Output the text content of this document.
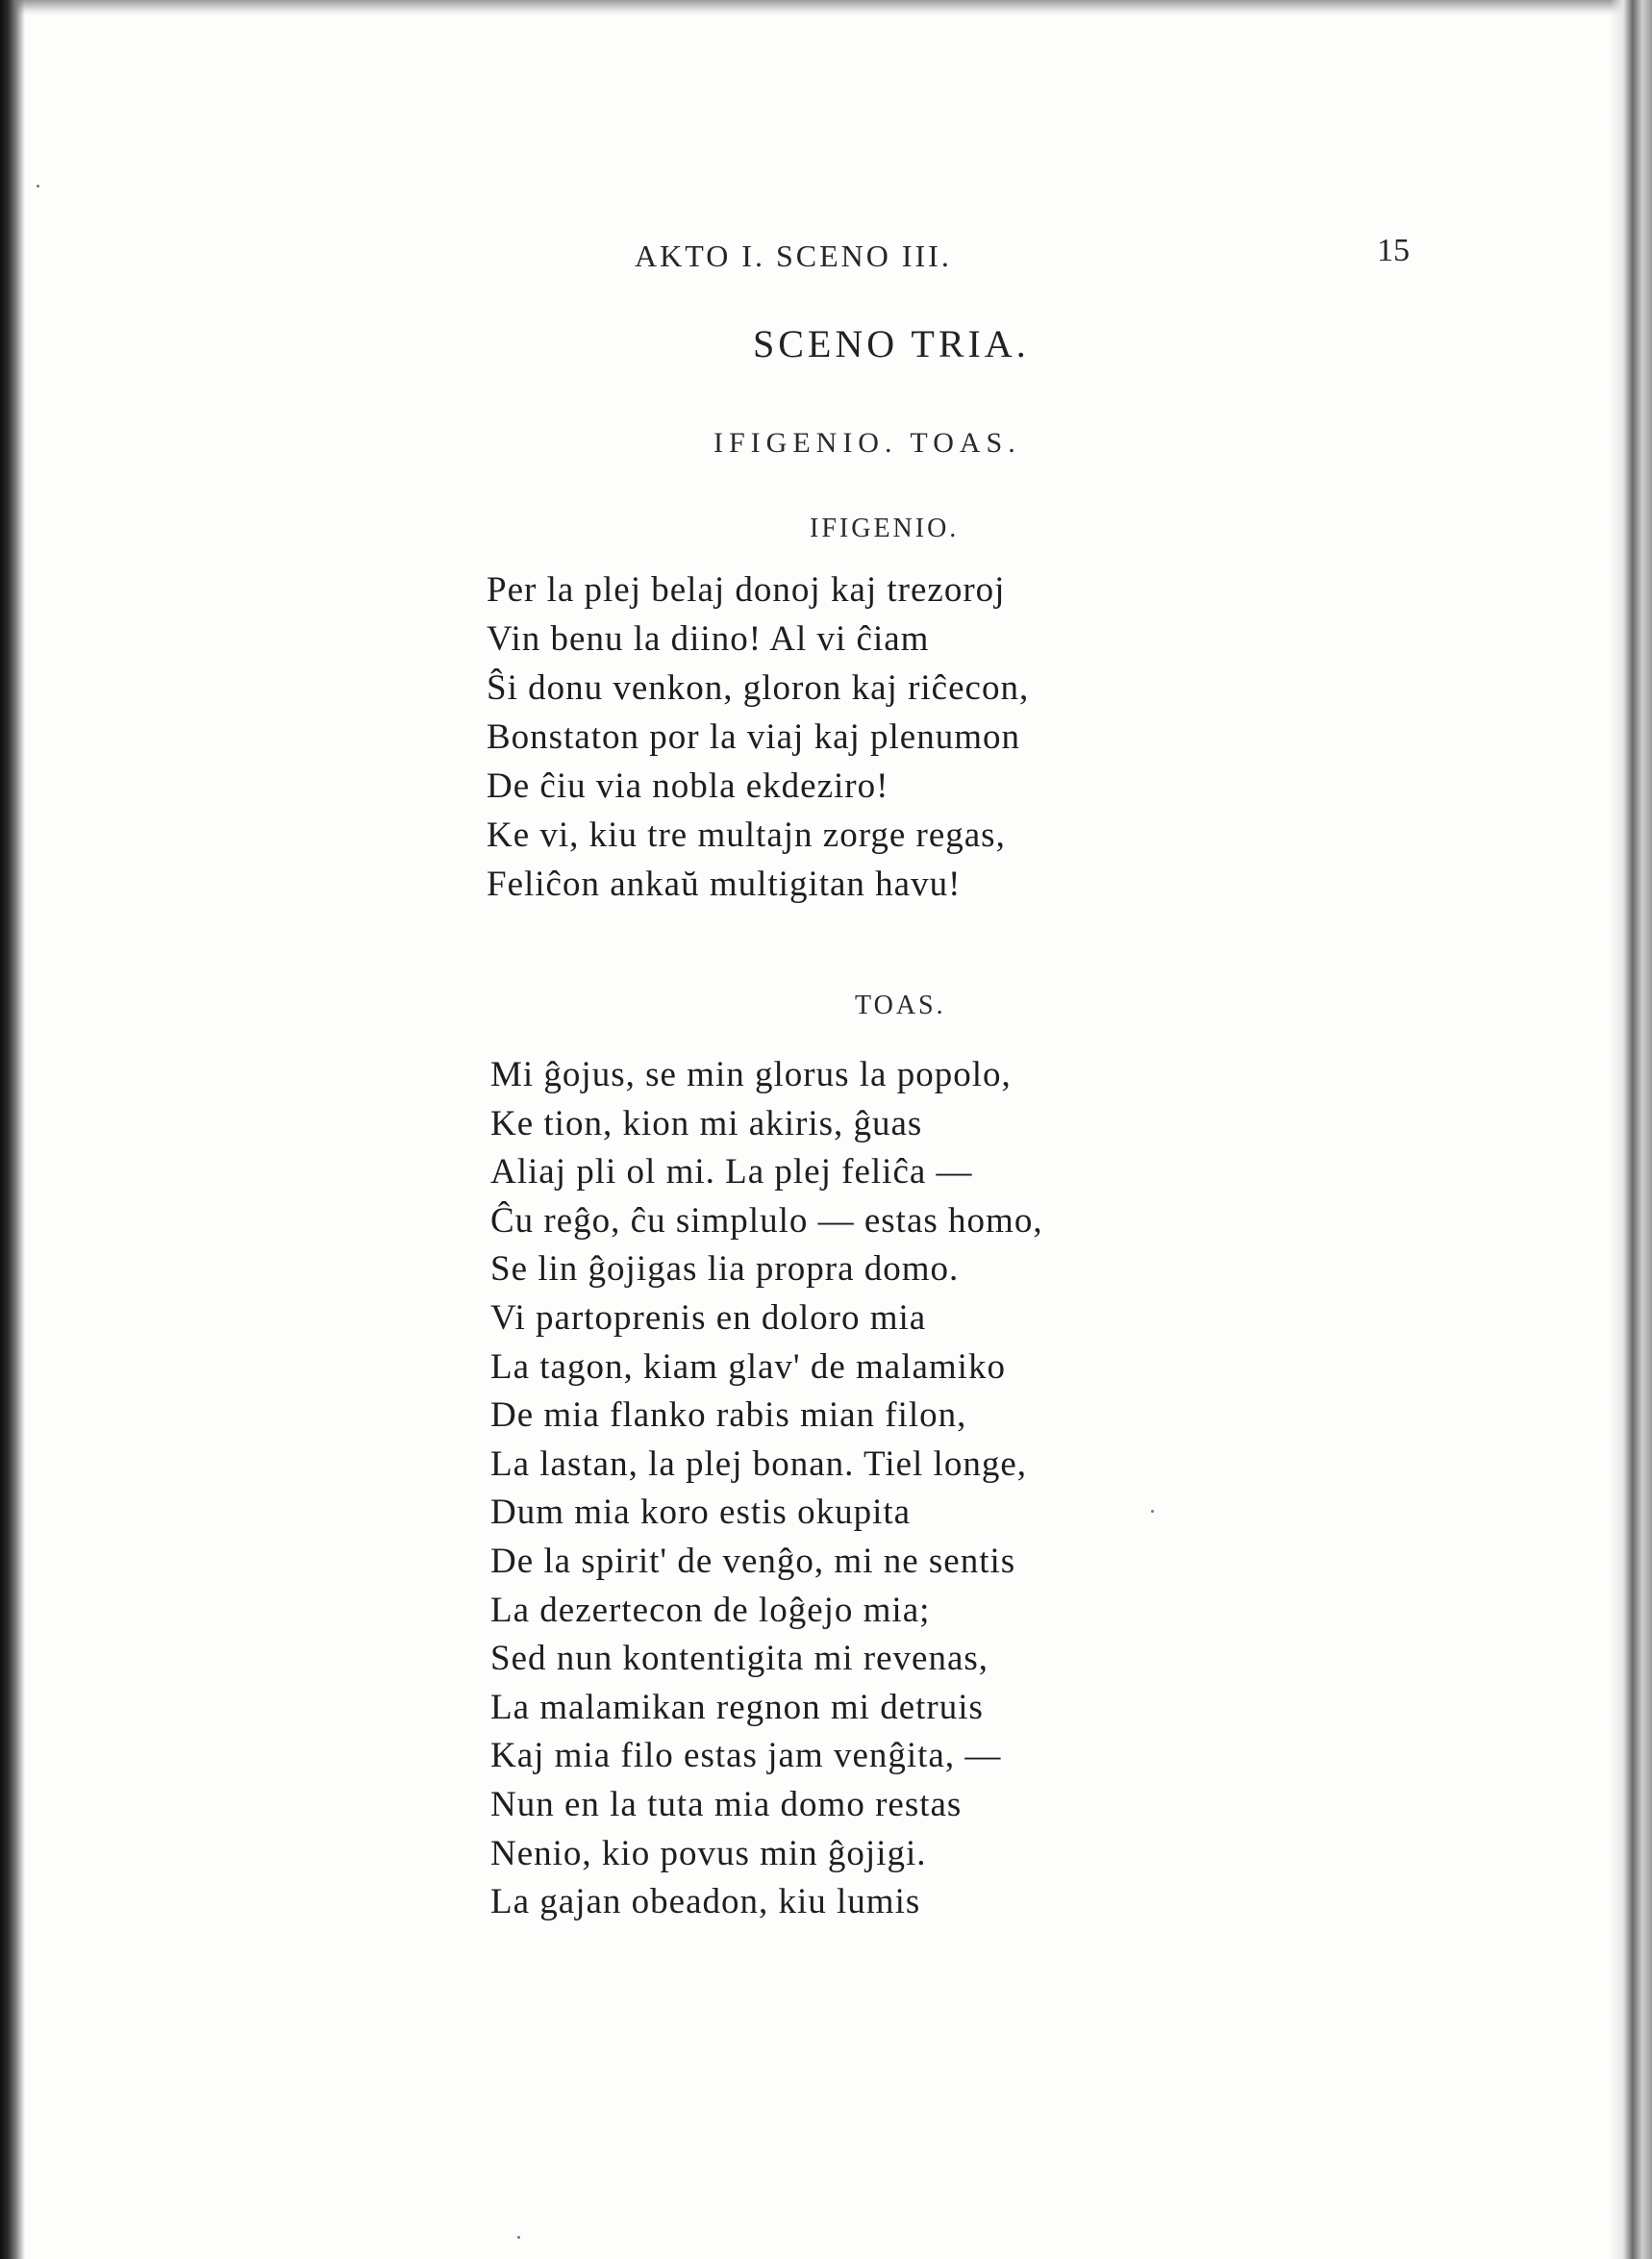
AKTO I. SCENO III.	15
SCENO TRIA.
IFIGENIO. TOAS.
IFIGENIO.
Per la plej belaj donoj kaj trezoroj
Vin benu la diino! Al vi ĉiam
Ŝi donu venkon, gloron kaj riĉecon,
Bonstaton por la viaj kaj plenumon
De ĉiu via nobla ekdeziro!
Ke vi, kiu tre multajn zorge regas,
Feliĉon ankaŭ multigitan havu!
TOAS.
Mi ĝojus, se min glorus la popolo,
Ke tion, kion mi akiris, ĝuas
Aliaj pli ol mi. La plej feliĉa —
Ĉu reĝo, ĉu simplulo — estas homo,
Se lin ĝojigas lia propra domo.
Vi partoprenis en doloro mia
La tagon, kiam glav' de malamiko
De mia flanko rabis mian filon,
La lastan, la plej bonan. Tiel longe,
Dum mia koro estis okupita
De la spirit' de venĝo, mi ne sentis
La dezertecon de loĝejo mia;
Sed nun kontentigita mi revenas,
La malamikan regnon mi detruis
Kaj mia filo estas jam venĝita, —
Nun en la tuta mia domo restas
Nenio, kio povus min ĝojigi.
La gajan obeadon, kiu lumis
